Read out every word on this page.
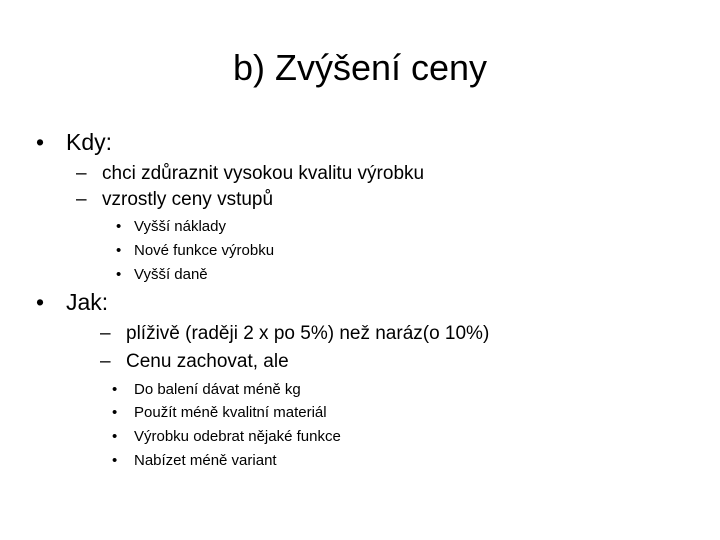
b) Zvýšení ceny
• Kdy:
– chci zdůraznit vysokou kvalitu výrobku
– vzrostly ceny vstupů
• Vyšší náklady
• Nové funkce výrobku
• Vyšší daně
• Jak:
– plíživě (raději 2 x po 5%) než naráz(o 10%)
– Cenu zachovat, ale
• Do balení dávat méně kg
• Použít méně kvalitní materiál
• Výrobku odebrat nějaké funkce
• Nabízet méně variant
